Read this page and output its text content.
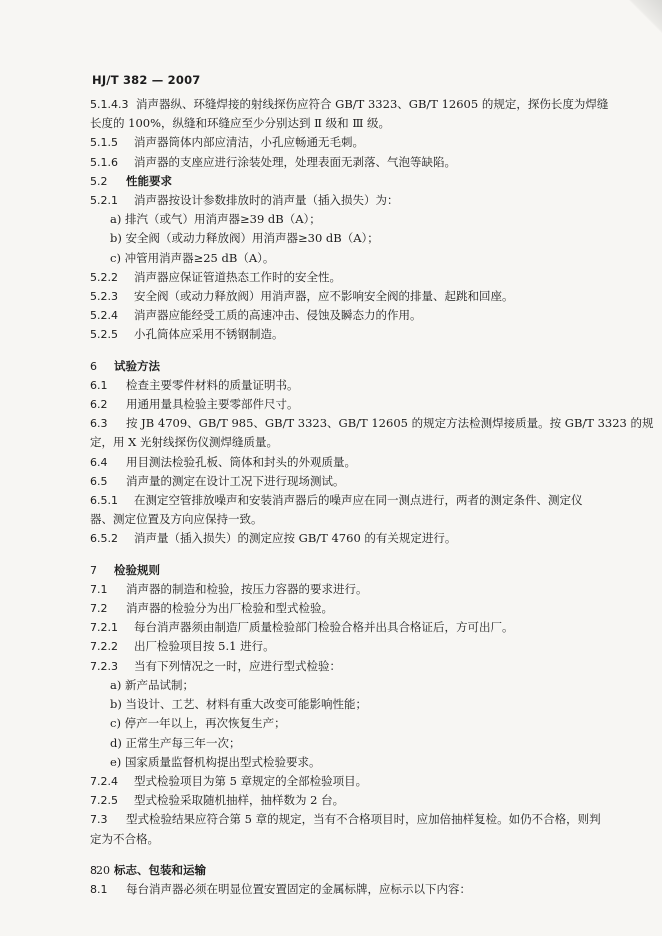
HJ/T 382 — 2007
5.1.4.3 消声器纵、环缝焊接的射线探伤应符合 GB/T 3323、GB/T 12605 的规定，探伤长度为焊缝
长度的 100%，纵缝和环缝应至少分别达到 Ⅱ 级和 Ⅲ 级。
5.1.5 消声器筒体内部应清洁，小孔应畅通无毛刺。
5.1.6 消声器的支座应进行涂装处理，处理表面无剥落、气泡等缺陷。
5.2 性能要求
5.2.1 消声器按设计参数排放时的消声量（插入损失）为：
a) 排汽（或气）用消声器≥39 dB（A）；
b) 安全阀（或动力释放阀）用消声器≥30 dB（A）；
c) 冲管用消声器≥25 dB（A）。
5.2.2 消声器应保证管道热态工作时的安全性。
5.2.3 安全阀（或动力释放阀）用消声器，应不影响安全阀的排量、起跳和回座。
5.2.4 消声器应能经受工质的高速冲击、侵蚀及瞬态力的作用。
5.2.5 小孔筒体应采用不锈钢制造。
6 试验方法
6.1 检查主要零件材料的质量证明书。
6.2 用通用量具检验主要零部件尺寸。
6.3 按 JB 4709、GB/T 985、GB/T 3323、GB/T 12605 的规定方法检测焊接质量。按 GB/T 3323 的规
定，用 X 光射线探伤仪测焊缝质量。
6.4 用目测法检验孔板、筒体和封头的外观质量。
6.5 消声量的测定在设计工况下进行现场测试。
6.5.1 在测定空管排放噪声和安装消声器后的噪声应在同一测点进行，两者的测定条件、测定仪
器、测定位置及方向应保持一致。
6.5.2 消声量（插入损失）的测定应按 GB/T 4760 的有关规定进行。
7 检验规则
7.1 消声器的制造和检验，按压力容器的要求进行。
7.2 消声器的检验分为出厂检验和型式检验。
7.2.1 每台消声器须由制造厂质量检验部门检验合格并出具合格证后，方可出厂。
7.2.2 出厂检验项目按 5.1 进行。
7.2.3 当有下列情况之一时，应进行型式检验：
a) 新产品试制；
b) 当设计、工艺、材料有重大改变可能影响性能；
c) 停产一年以上，再次恢复生产；
d) 正常生产每三年一次；
e) 国家质量监督机构提出型式检验要求。
7.2.4 型式检验项目为第 5 章规定的全部检验项目。
7.2.5 型式检验采取随机抽样，抽样数为 2 台。
7.3 型式检验结果应符合第 5 章的规定，当有不合格项目时，应加倍抽样复检。如仍不合格，则判
定为不合格。
8 标志、包装和运输
8.1 每台消声器必须在明显位置安置固定的金属标牌，应标示以下内容：
20
